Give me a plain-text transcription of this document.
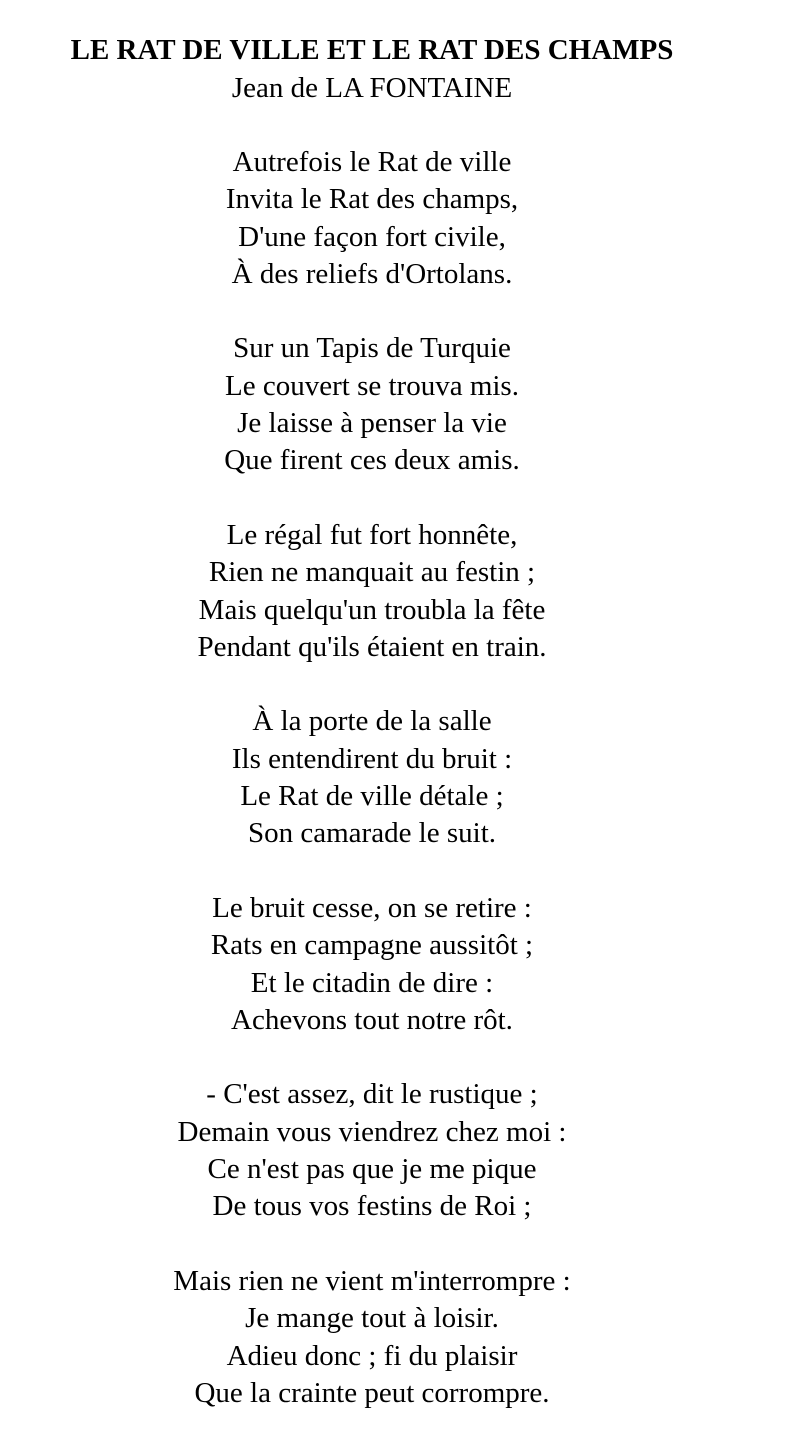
LE RAT DE VILLE ET LE RAT DES CHAMPS
Jean de LA FONTAINE
Autrefois le Rat de ville
Invita le Rat des champs,
D'une façon fort civile,
À des reliefs d'Ortolans.
Sur un Tapis de Turquie
Le couvert se trouva mis.
Je laisse à penser la vie
Que firent ces deux amis.
Le régal fut fort honnête,
Rien ne manquait au festin ;
Mais quelqu'un troubla la fête
Pendant qu'ils étaient en train.
À la porte de la salle
Ils entendirent du bruit :
Le Rat de ville détale ;
Son camarade le suit.
Le bruit cesse, on se retire :
Rats en campagne aussitôt ;
Et le citadin de dire :
Achevons tout notre rôt.
- C'est assez, dit le rustique ;
Demain vous viendrez chez moi :
Ce n'est pas que je me pique
De tous vos festins de Roi ;
Mais rien ne vient m'interrompre :
Je mange tout à loisir.
Adieu donc ; fi du plaisir
Que la crainte peut corrompre.
